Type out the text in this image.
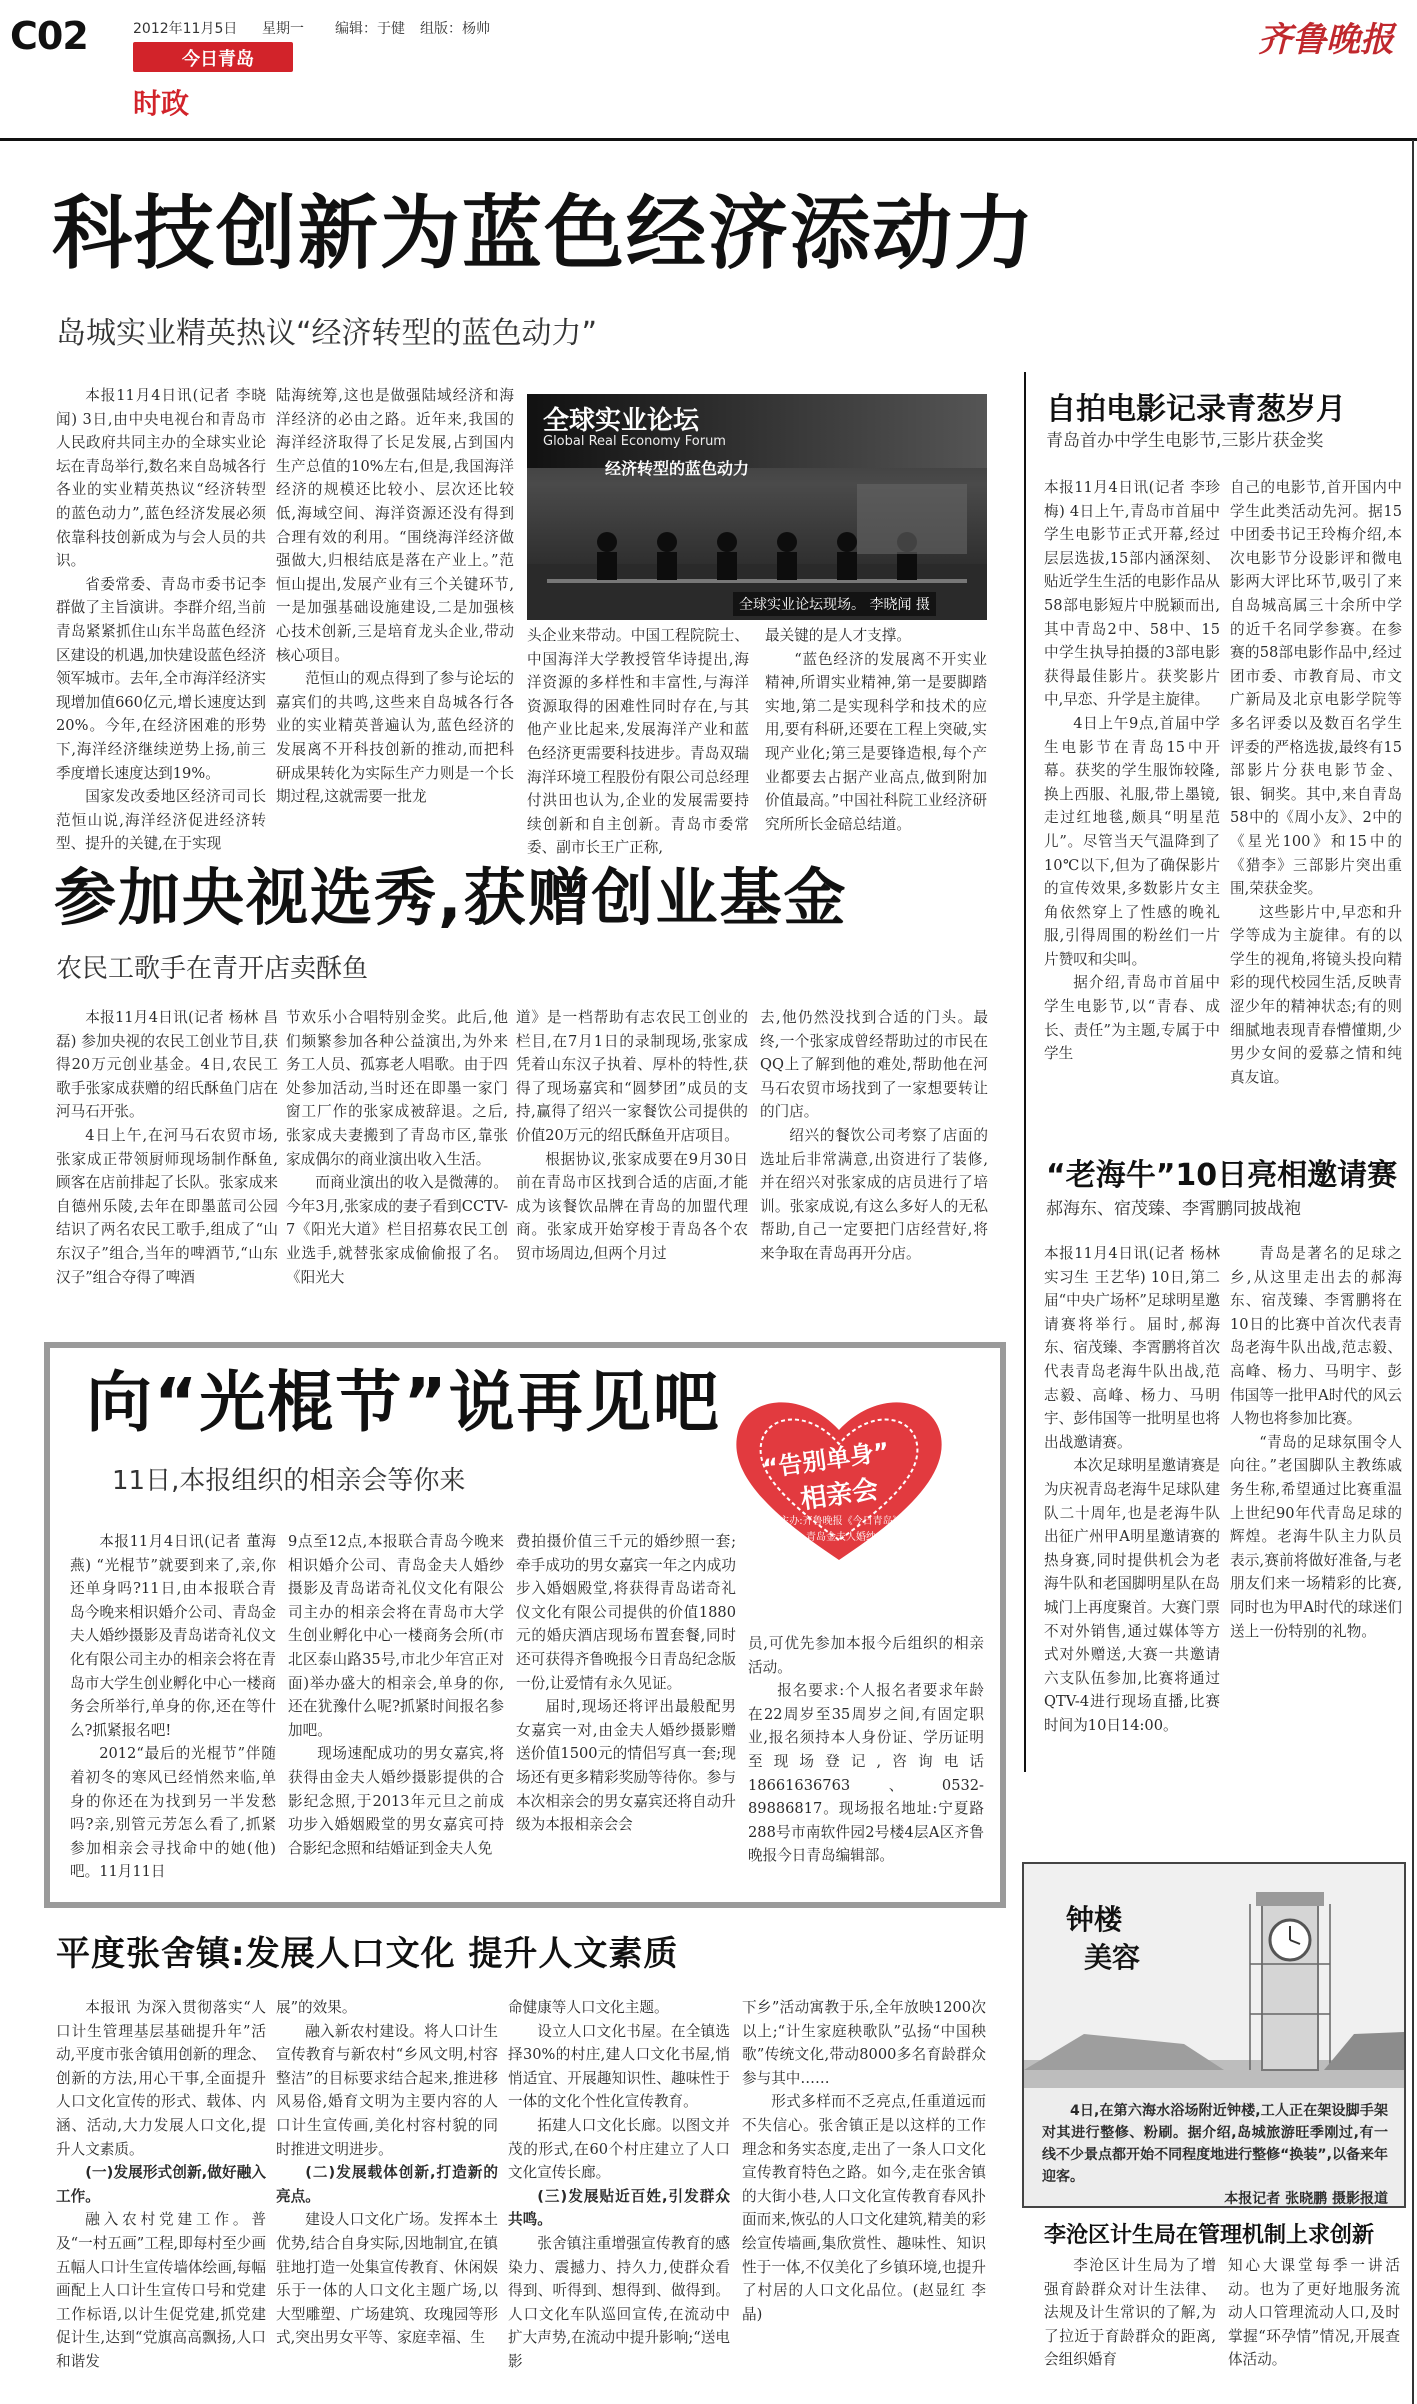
C02	2012年11月5日 星期一 编辑：于健 组版：杨帅
今日青岛
时政
齐鲁晚报
科技创新为蓝色经济添动力
岛城实业精英热议“经济转型的蓝色动力”

本报11月4日讯(记者 李晓闻) 3日,由中央电视台和青岛市人民政府共同主办的全球实业论坛在青岛举行,数名来自岛城各行各业的实业精英热议“经济转型的蓝色动力”,蓝色经济发展必须依靠科技创新成为与会人员的共识。

省委常委、青岛市委书记李群做了主旨演讲。李群介绍,当前青岛紧紧抓住山东半岛蓝色经济区建设的机遇,加快建设蓝色经济领军城市。去年,全市海洋经济实现增加值660亿元,增长速度达到20%。今年,在经济困难的形势下,海洋经济继续逆势上扬,前三季度增长速度达到19%。

国家发改委地区经济司司长范恒山说,海洋经济促进经济转型、提升的关键,在于实现

陆海统筹,这也是做强陆域经济和海洋经济的必由之路。近年来,我国的海洋经济取得了长足发展,占到国内生产总值的10%左右,但是,我国海洋经济的规模还比较小、层次还比较低,海域空间、海洋资源还没有得到合理有效的利用。“围绕海洋经济做强做大,归根结底是落在产业上。”范恒山提出,发展产业有三个关键环节,一是加强基础设施建设,二是加强核心技术创新,三是培育龙头企业,带动核心项目。

范恒山的观点得到了参与论坛的嘉宾们的共鸣,这些来自岛城各行各业的实业精英普遍认为,蓝色经济的发展离不开科技创新的推动,而把科研成果转化为实际生产力则是一个长期过程,这就需要一批龙

全球实业论坛
Global Real Economy Forum
经济转型的蓝色动力
全球实业论坛现场。 李晓闻 摄

头企业来带动。中国工程院院士、中国海洋大学教授管华诗提出,海洋资源的多样性和丰富性,与海洋资源取得的困难性同时存在,与其他产业比起来,发展海洋产业和蓝色经济更需要科技进步。青岛双瑞海洋环境工程股份有限公司总经理付洪田也认为,企业的发展需要持续创新和自主创新。青岛市委常委、副市长王广正称,

最关键的是人才支撑。

“蓝色经济的发展离不开实业精神,所谓实业精神,第一是要脚踏实地,第二是实现科学和技术的应用,要有科研,还要在工程上突破,实现产业化;第三是要锋造根,每个产业都要去占据产业高点,做到附加价值最高。”中国社科院工业经济研究所所长金碚总结道。

自拍电影记录青葱岁月
青岛首办中学生电影节,三影片获金奖

本报11月4日讯(记者 李珍梅) 4日上午,青岛市首届中学生电影节正式开幕,经过层层选拔,15部内涵深刻、贴近学生生活的电影作品从58部电影短片中脱颖而出,其中青岛2中、58中、15中学生执导拍摄的3部电影获得最佳影片。获奖影片中,早恋、升学是主旋律。

4日上午9点,首届中学生电影节在青岛15中开幕。获奖的学生服饰较隆,换上西服、礼服,带上墨镜,走过红地毯,颇具“明星范儿”。尽管当天气温降到了10℃以下,但为了确保影片的宣传效果,多数影片女主角依然穿上了性感的晚礼服,引得周围的粉丝们一片片赞叹和尖叫。

据介绍,青岛市首届中学生电影节,以“青春、成长、责任”为主题,专属于中学生

自己的电影节,首开国内中学生此类活动先河。据15中团委书记王玲梅介绍,本次电影节分设影评和微电影两大评比环节,吸引了来自岛城高属三十余所中学的近千名同学参赛。在参赛的58部电影作品中,经过团市委、市教育局、市文广新局及北京电影学院等多名评委以及数百名学生评委的严格选拔,最终有15部影片分获电影节金、银、铜奖。其中,来自青岛58中的《周小友》、2中的《星光100》和15中的《猎李》三部影片突出重围,荣获金奖。

这些影片中,早恋和升学等成为主旋律。有的以学生的视角,将镜头投向精彩的现代校园生活,反映青涩少年的精神状态;有的则细腻地表现青春懵懂期,少男少女间的爱慕之情和纯真友谊。

“老海牛”10日亮相邀请赛
郝海东、宿茂臻、李霄鹏同披战袍

本报11月4日讯(记者 杨林 实习生 王艺华) 10日,第二届“中央广场杯”足球明星邀请赛将举行。届时,郝海东、宿茂臻、李霄鹏将首次代表青岛老海牛队出战,范志毅、高峰、杨力、马明宇、彭伟国等一批明星也将出战邀请赛。

本次足球明星邀请赛是为庆祝青岛老海牛足球队建队二十周年,也是老海牛队出征广州甲A明星邀请赛的热身赛,同时提供机会为老海牛队和老国脚明星队在岛城门上再度聚首。大赛门票不对外销售,通过媒体等方式对外赠送,大赛一共邀请六支队伍参加,比赛将通过QTV-4进行现场直播,比赛时间为10日14:00。

青岛是著名的足球之乡,从这里走出去的郝海东、宿茂臻、李霄鹏将在10日的比赛中首次代表青岛老海牛队出战,范志毅、高峰、杨力、马明宇、彭伟国等一批甲A时代的风云人物也将参加比赛。

“青岛的足球氛围令人向往。”老国脚队主教练戚务生称,希望通过比赛重温上世纪90年代青岛足球的辉煌。老海牛队主力队员表示,赛前将做好准备,与老朋友们来一场精彩的比赛,同时也为甲A时代的球迷们送上一份特别的礼物。

参加央视选秀,获赠创业基金
农民工歌手在青开店卖酥鱼

本报11月4日讯(记者 杨林 昌磊) 参加央视的农民工创业节目,获得20万元创业基金。4日,农民工歌手张家成获赠的绍氏酥鱼门店在河马石开张。

4日上午,在河马石农贸市场,张家成正带领厨师现场制作酥鱼,顾客在店前排起了长队。张家成来自德州乐陵,去年在即墨蓝司公园结识了两名农民工歌手,组成了“山东汉子”组合,当年的啤酒节,“山东汉子”组合夺得了啤酒

节欢乐小合唱特别金奖。此后,他们频繁参加各种公益演出,为外来务工人员、孤寡老人唱歌。由于四处参加活动,当时还在即墨一家门窗工厂作的张家成被辞退。之后,张家成夫妻搬到了青岛市区,靠张家成偶尔的商业演出收入生活。

而商业演出的收入是微薄的。今年3月,张家成的妻子看到CCTV-7《阳光大道》栏目招募农民工创业选手,就替张家成偷偷报了名。《阳光大

道》是一档帮助有志农民工创业的栏目,在7月1日的录制现场,张家成凭着山东汉子执着、厚朴的特性,获得了现场嘉宾和“圆梦团”成员的支持,赢得了绍兴一家餐饮公司提供的价值20万元的绍氏酥鱼开店项目。

根据协议,张家成要在9月30日前在青岛市区找到合适的店面,才能成为该餐饮品牌在青岛的加盟代理商。张家成开始穿梭于青岛各个农贸市场周边,但两个月过

去,他仍然没找到合适的门头。最终,一个张家成曾经帮助过的市民在QQ上了解到他的难处,帮助他在河马石农贸市场找到了一家想要转让的门店。

绍兴的餐饮公司考察了店面的选址后非常满意,出资进行了装修,并在绍兴对张家成的店员进行了培训。张家成说,有这么多好人的无私帮助,自己一定要把门店经营好,将来争取在青岛再开分店。

向“光棍节”说再见吧
11日,本报组织的相亲会等你来	“告别单身”
相亲会
主办:齐鲁晚报《今日青岛》
青岛金夫人婚纱

本报11月4日讯(记者 董海燕) “光棍节”就要到来了,亲,你还单身吗?11日,由本报联合青岛今晚来相识婚介公司、青岛金夫人婚纱摄影及青岛诺奇礼仪文化有限公司主办的相亲会将在青岛市大学生创业孵化中心一楼商务会所举行,单身的你,还在等什么?抓紧报名吧!

2012“最后的光棍节”伴随着初冬的寒风已经悄然来临,单身的你还在为找到另一半发愁吗?亲,别管元芳怎么看了,抓紧参加相亲会寻找命中的她(他)吧。11月11日

9点至12点,本报联合青岛今晚来相识婚介公司、青岛金夫人婚纱摄影及青岛诺奇礼仪文化有限公司主办的相亲会将在青岛市大学生创业孵化中心一楼商务会所(市北区泰山路35号,市北少年宫正对面)举办盛大的相亲会,单身的你,还在犹豫什么呢?抓紧时间报名参加吧。

现场速配成功的男女嘉宾,将获得由金夫人婚纱摄影提供的合影纪念照,于2013年元旦之前成功步入婚姻殿堂的男女嘉宾可持合影纪念照和结婚证到金夫人免

费拍摄价值三千元的婚纱照一套;牵手成功的男女嘉宾一年之内成功步入婚姻殿堂,将获得青岛诺奇礼仪文化有限公司提供的价值1880元的婚庆酒店现场布置套餐,同时还可获得齐鲁晚报今日青岛纪念版一份,让爱情有永久见证。

届时,现场还将评出最般配男女嘉宾一对,由金夫人婚纱摄影赠送价值1500元的情侣写真一套;现场还有更多精彩奖励等待你。参与本次相亲会的男女嘉宾还将自动升级为本报相亲会会

员,可优先参加本报今后组织的相亲活动。

报名要求:个人报名者要求年龄在22周岁至35周岁之间,有固定职业,报名须持本人身份证、学历证明至现场登记,咨询电话18661636763、0532-89886817。现场报名地址:宁夏路288号市南软件园2号楼4层A区齐鲁晚报今日青岛编辑部。

平度张舍镇:发展人口文化 提升人文素质

本报讯 为深入贯彻落实“人口计生管理基层基础提升年”活动,平度市张舍镇用创新的理念、创新的方法,用心干事,全面提升人口文化宣传的形式、载体、内涵、活动,大力发展人口文化,提升人文素质。

(一)发展形式创新,做好融入工作。

融入农村党建工作。普及“一村五画”工程,即每村至少画五幅人口计生宣传墙体绘画,每幅画配上人口计生宣传口号和党建工作标语,以计生促党建,抓党建促计生,达到“党旗高高飘扬,人口和谐发

展”的效果。

融入新农村建设。将人口计生宣传教育与新农村“乡风文明,村容整洁”的目标要求结合起来,推进移风易俗,婚育文明为主要内容的人口计生宣传画,美化村容村貌的同时推进文明进步。

(二)发展载体创新,打造新的亮点。

建设人口文化广场。发挥本土优势,结合自身实际,因地制宜,在镇驻地打造一处集宣传教育、休闲娱乐于一体的人口文化主题广场,以大型雕塑、广场建筑、玫瑰园等形式,突出男女平等、家庭幸福、生

命健康等人口文化主题。

设立人口文化书屋。在全镇选择30%的村庄,建人口文化书屋,悄悄适宜、开展趣知识性、趣味性于一体的文化个性化宣传教育。

拓建人口文化长廊。以图文并茂的形式,在60个村庄建立了人口文化宣传长廊。

(三)发展贴近百姓,引发群众共鸣。

张舍镇注重增强宣传教育的感染力、震撼力、持久力,使群众看得到、听得到、想得到、做得到。人口文化车队巡回宣传,在流动中扩大声势,在流动中提升影响;“送电影

下乡”活动寓教于乐,全年放映1200次以上;“计生家庭秧歌队”弘扬“中国秧歌”传统文化,带动8000多名育龄群众参与其中……

形式多样而不乏亮点,任重道远而不失信心。张舍镇正是以这样的工作理念和务实态度,走出了一条人口文化宣传教育特色之路。如今,走在张舍镇的大街小巷,人口文化宣传教育春风扑面而来,恢弘的人口文化建筑,精美的彩绘宣传墙画,集欣赏性、趣味性、知识性于一体,不仅美化了乡镇环境,也提升了村居的人口文化品位。(赵显红 李晶)

钟楼
美容

4日,在第六海水浴场附近钟楼,工人正在架设脚手架对其进行整修、粉刷。据介绍,岛城旅游旺季刚过,有一线不少景点都开始不同程度地进行整修“换装”,以备来年迎客。

本报记者 张晓鹏 摄影报道

李沧区计生局在管理机制上求创新

李沧区计生局为了增强育龄群众对计生法律、法规及计生常识的了解,为了拉近于育龄群众的距离,会组织婚育

知心大课堂每季一讲活动。也为了更好地服务流动人口管理流动人口,及时掌握“环孕情”情况,开展查体活动。
